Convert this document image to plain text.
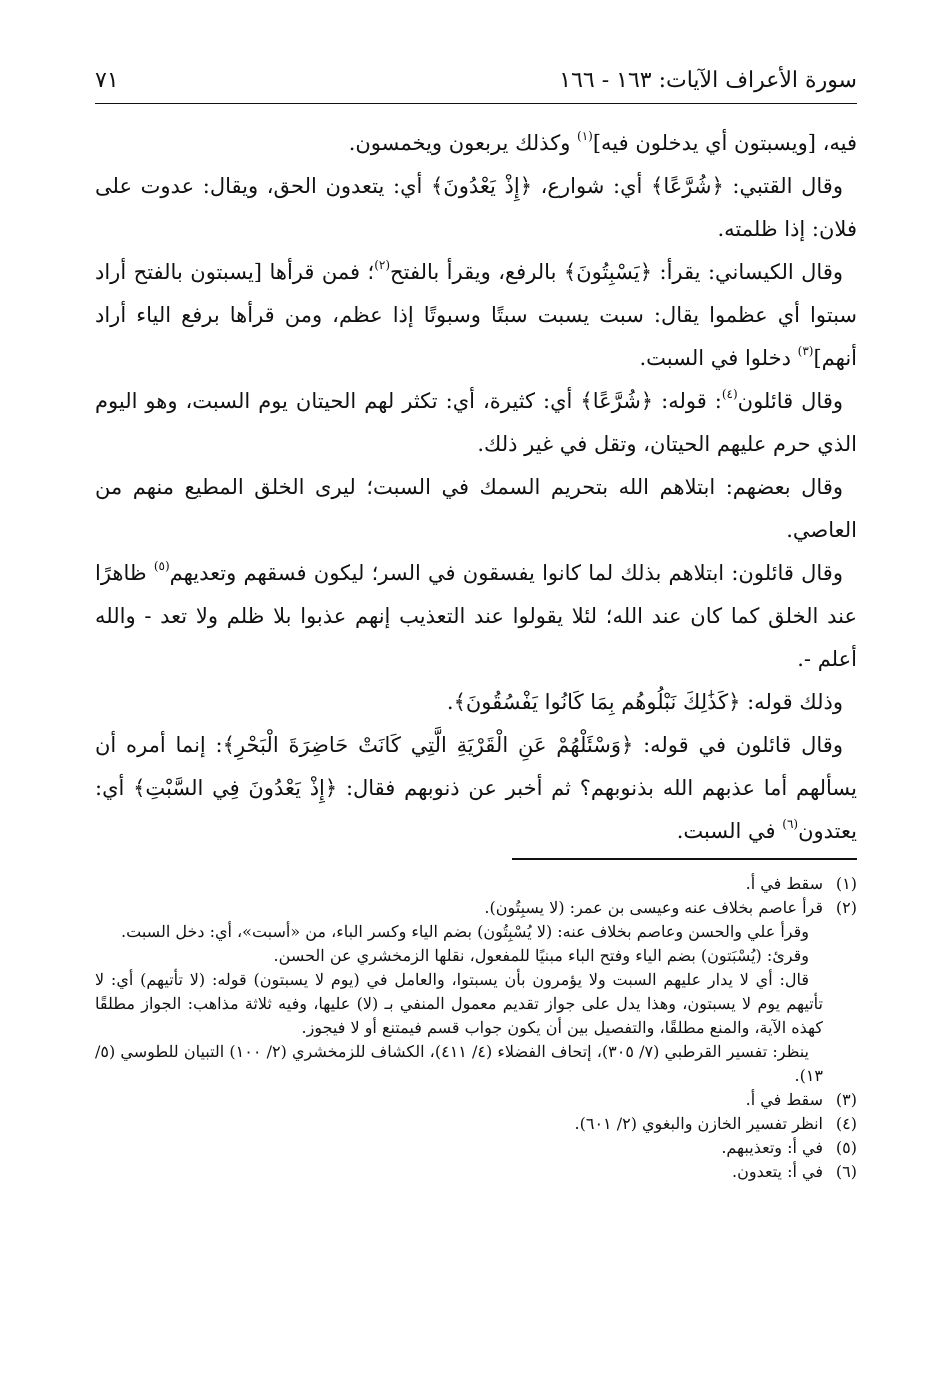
سورة الأعراف الآيات: ١٦٣ - ١٦٦
٧١

فيه، [ويسبتون أي يدخلون فيه]$^{(١)}$ وكذلك يربعون ويخمسون.

وقال القتبي: ﴿شُرَّعًا﴾ أي: شوارع، ﴿إِذْ يَعْدُونَ﴾ أي: يتعدون الحق، ويقال: عدوت على فلان: إذا ظلمته.

وقال الكيساني: يقرأ: ﴿يَسْبِتُونَ﴾ بالرفع، ويقرأ بالفتح$^{(٢)}$؛ فمن قرأها [يسبتون بالفتح أراد سبتوا أي عظموا يقال: سبت يسبت سبتًا وسبوتًا إذا عظم، ومن قرأها برفع الياء أراد أنهم]$^{(٣)}$ دخلوا في السبت.

وقال قائلون$^{(٤)}$: قوله: ﴿شُرَّعًا﴾ أي: كثيرة، أي: تكثر لهم الحيتان يوم السبت، وهو اليوم الذي حرم عليهم الحيتان، وتقل في غير ذلك.

وقال بعضهم: ابتلاهم الله بتحريم السمك في السبت؛ ليرى الخلق المطيع منهم من العاصي.

وقال قائلون: ابتلاهم بذلك لما كانوا يفسقون في السر؛ ليكون فسقهم وتعديهم$^{(٥)}$ ظاهرًا عند الخلق كما كان عند الله؛ لئلا يقولوا عند التعذيب إنهم عذبوا بلا ظلم ولا تعد - والله أعلم -.

وذلك قوله: ﴿كَذَٰلِكَ نَبْلُوهُم بِمَا كَانُوا يَفْسُقُونَ﴾.

وقال قائلون في قوله: ﴿وَسْئَلْهُمْ عَنِ الْقَرْيَةِ الَّتِي كَانَتْ حَاضِرَةَ الْبَحْرِ﴾: إنما أمره أن يسألهم أما عذبهم الله بذنوبهم؟ ثم أخبر عن ذنوبهم فقال: ﴿إِذْ يَعْدُونَ فِي السَّبْتِ﴾ أي: يعتدون$^{(٦)}$ في السبت.

(١)
سقط في أ.

(٢)
قرأ عاصم بخلاف عنه وعيسى بن عمر: (لا يسبِتُون).

وقرأ علي والحسن وعاصم بخلاف عنه: (لا يُسْبِتُون) بضم الياء وكسر الباء، من «أسبت»، أي: دخل السبت.

وقرئ: (يُسْبَتون) بضم الياء وفتح الباء مبنيًا للمفعول، نقلها الزمخشري عن الحسن.

قال: أي لا يدار عليهم السبت ولا يؤمرون بأن يسبتوا، والعامل في (يوم لا يسبتون) قوله: (لا تأتيهم) أي: لا تأتيهم يوم لا يسبتون، وهذا يدل على جواز تقديم معمول المنفي بـ (لا) عليها، وفيه ثلاثة مذاهب: الجواز مطلقًا كهذه الآية، والمنع مطلقًا، والتفصيل بين أن يكون جواب قسم فيمتنع أو لا فيجوز.

ينظر: تفسير القرطبي (٧/ ٣٠٥)، إتحاف الفضلاء (٤/ ٤١١)، الكشاف للزمخشري (٢/ ١٠٠) التبيان للطوسي (٥/ ١٣).

(٣)
سقط في أ.

(٤)
انظر تفسير الخازن والبغوي (٢/ ٦٠١).

(٥)
في أ: وتعذيبهم.

(٦)
في أ: يتعدون.
